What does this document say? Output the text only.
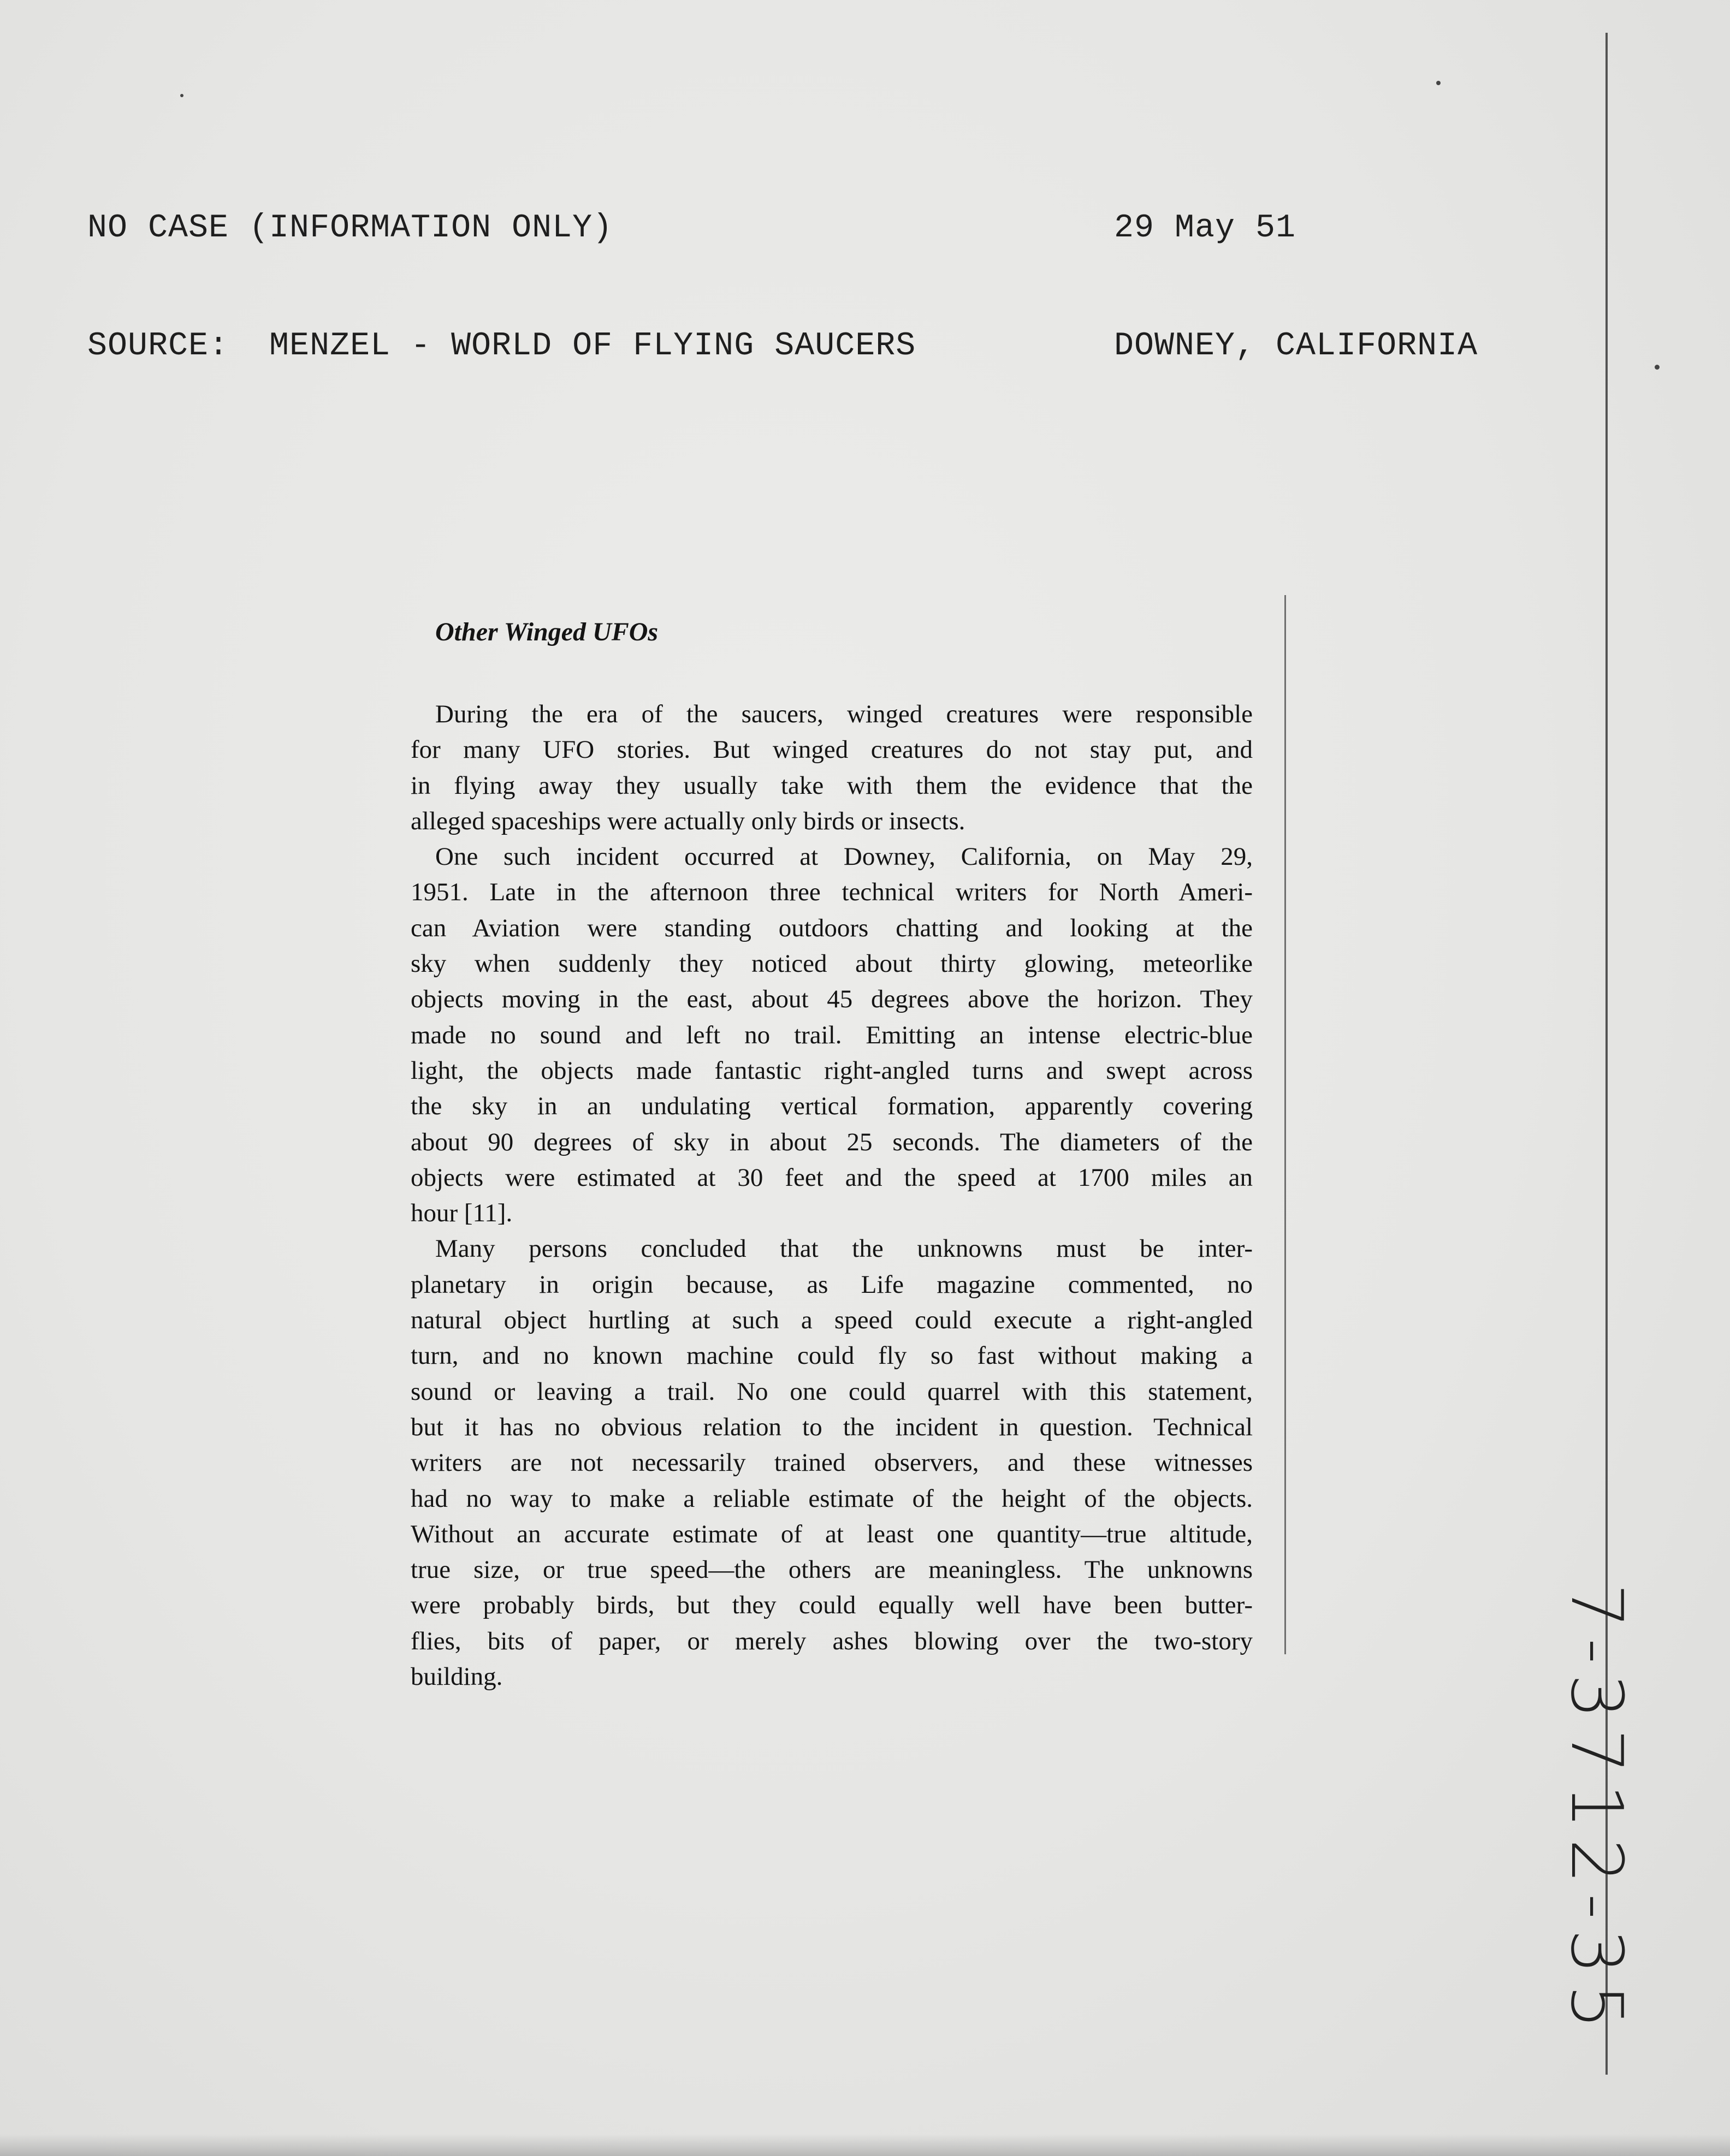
NO CASE (INFORMATION ONLY)

SOURCE:  MENZEL - WORLD OF FLYING SAUCERS

29 May 51

DOWNEY, CALIFORNIA

Other Winged UFOs
During the era of the saucers, winged creatures were responsible
for many UFO stories. But winged creatures do not stay put, and
in flying away they usually take with them the evidence that the
alleged spaceships were actually only birds or insects.
One such incident occurred at Downey, California, on May 29,
1951. Late in the afternoon three technical writers for North Ameri-
can Aviation were standing outdoors chatting and looking at the
sky when suddenly they noticed about thirty glowing, meteorlike
objects moving in the east, about 45 degrees above the horizon. They
made no sound and left no trail. Emitting an intense electric-blue
light, the objects made fantastic right-angled turns and swept across
the sky in an undulating vertical formation, apparently covering
about 90 degrees of sky in about 25 seconds. The diameters of the
objects were estimated at 30 feet and the speed at 1700 miles an
hour [11].
Many persons concluded that the unknowns must be inter-
planetary in origin because, as Life magazine commented, no
natural object hurtling at such a speed could execute a right-angled
turn, and no known machine could fly so fast without making a
sound or leaving a trail. No one could quarrel with this statement,
but it has no obvious relation to the incident in question. Technical
writers are not necessarily trained observers, and these witnesses
had no way to make a reliable estimate of the height of the objects.
Without an accurate estimate of at least one quantity—true altitude,
true size, or true speed—the others are meaningless. The unknowns
were probably birds, but they could equally well have been butter-
flies, bits of paper, or merely ashes blowing over the two-story
building.	7-3712-35
